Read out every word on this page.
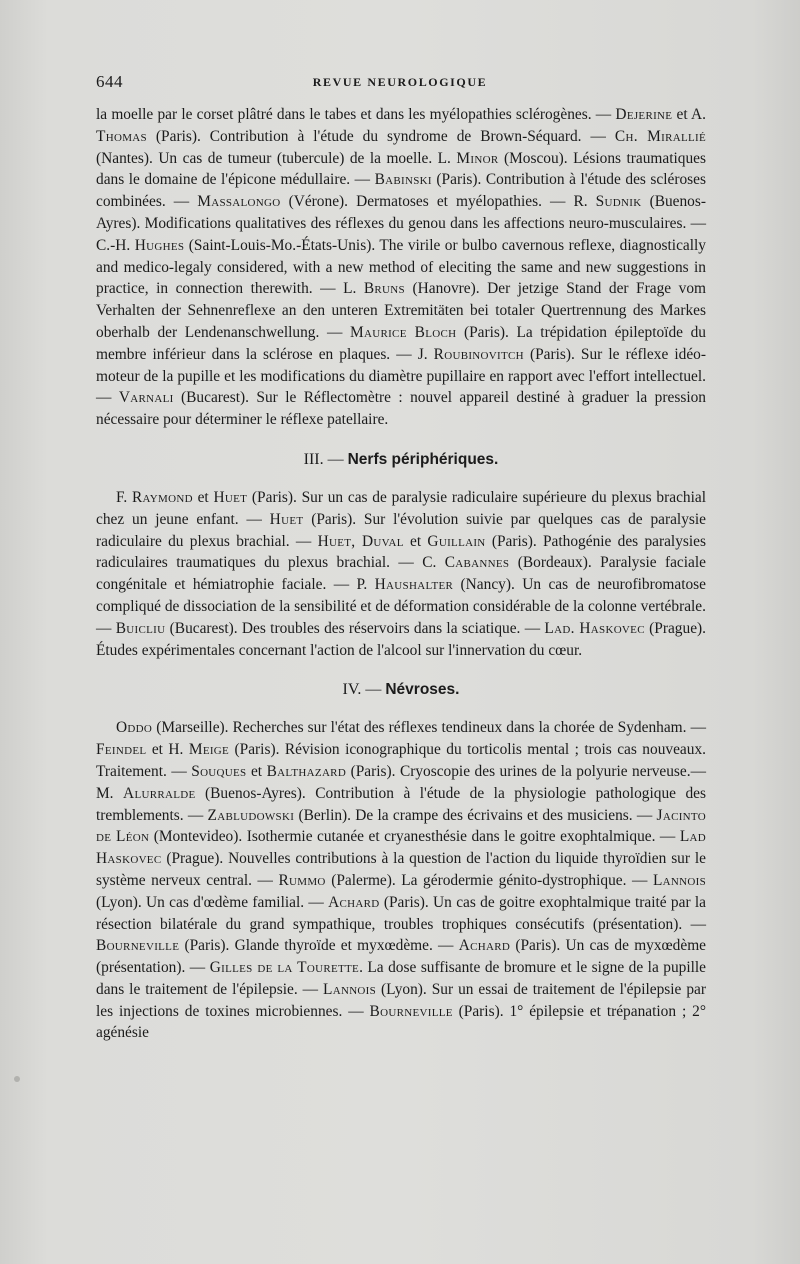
644	REVUE NEUROLOGIQUE

la moelle par le corset plâtré dans le tabes et dans les myélopathies sclérogènes. — Dejerine et A. Thomas (Paris). Contribution à l'étude du syndrome de Brown-Séquard. — Ch. Mirallié (Nantes). Un cas de tumeur (tubercule) de la moelle. L. Minor (Moscou). Lésions traumatiques dans le domaine de l'épicone médullaire. — Babinski (Paris). Contribution à l'étude des scléroses combinées. — Massalongo (Vérone). Dermatoses et myélopathies. — R. Sudnik (Buenos-Ayres). Modifications qualitatives des réflexes du genou dans les affections neuro-musculaires. — C.-H. Hughes (Saint-Louis-Mo.-États-Unis). The virile or bulbo cavernous reflexe, diagnostically and medico-legaly considered, with a new method of eleciting the same and new suggestions in practice, in connection therewith. — L. Bruns (Hanovre). Der jetzige Stand der Frage vom Verhalten der Sehnenreflexe an den unteren Extremitäten bei totaler Quertrennung des Markes oberhalb der Lendenanschwellung. — Maurice Bloch (Paris). La trépidation épileptoïde du membre inférieur dans la sclérose en plaques. — J. Roubinovitch (Paris). Sur le réflexe idéo-moteur de la pupille et les modifications du diamètre pupillaire en rapport avec l'effort intellectuel. — Varnali (Bucarest). Sur le Réflectomètre : nouvel appareil destiné à graduer la pression nécessaire pour déterminer le réflexe patellaire.

III. — Nerfs périphériques.

F. Raymond et Huet (Paris). Sur un cas de paralysie radiculaire supérieure du plexus brachial chez un jeune enfant. — Huet (Paris). Sur l'évolution suivie par quelques cas de paralysie radiculaire du plexus brachial. — Huet, Duval et Guillain (Paris). Pathogénie des paralysies radiculaires traumatiques du plexus brachial. — C. Cabannes (Bordeaux). Paralysie faciale congénitale et hémiatrophie faciale. — P. Haushalter (Nancy). Un cas de neurofibromatose compliqué de dissociation de la sensibilité et de déformation considérable de la colonne vertébrale. — Buicliu (Bucarest). Des troubles des réservoirs dans la sciatique. — Lad. Haskovec (Prague). Études expérimentales concernant l'action de l'alcool sur l'innervation du cœur.

IV. — Névroses.

Oddo (Marseille). Recherches sur l'état des réflexes tendineux dans la chorée de Sydenham. — Feindel et H. Meige (Paris). Révision iconographique du torticolis mental ; trois cas nouveaux. Traitement. — Souques et Balthazard (Paris). Cryoscopie des urines de la polyurie nerveuse.— M. Alurralde (Buenos-Ayres). Contribution à l'étude de la physiologie pathologique des tremblements. — Zabludowski (Berlin). De la crampe des écrivains et des musiciens. — Jacinto de Léon (Montevideo). Isothermie cutanée et cryanesthésie dans le goitre exophtalmique. — Lad Haskovec (Prague). Nouvelles contributions à la question de l'action du liquide thyroïdien sur le système nerveux central. — Rummo (Palerme). La gérodermie génito-dystrophique. — Lannois (Lyon). Un cas d'œdème familial. — Achard (Paris). Un cas de goitre exophtalmique traité par la résection bilatérale du grand sympathique, troubles trophiques consécutifs (présentation). — Bourneville (Paris). Glande thyroïde et myxœdème. — Achard (Paris). Un cas de myxœdème (présentation). — Gilles de la Tourette. La dose suffisante de bromure et le signe de la pupille dans le traitement de l'épilepsie. — Lannois (Lyon). Sur un essai de traitement de l'épilepsie par les injections de toxines microbiennes. — Bourneville (Paris). 1° épilepsie et trépanation ; 2° agénésie
